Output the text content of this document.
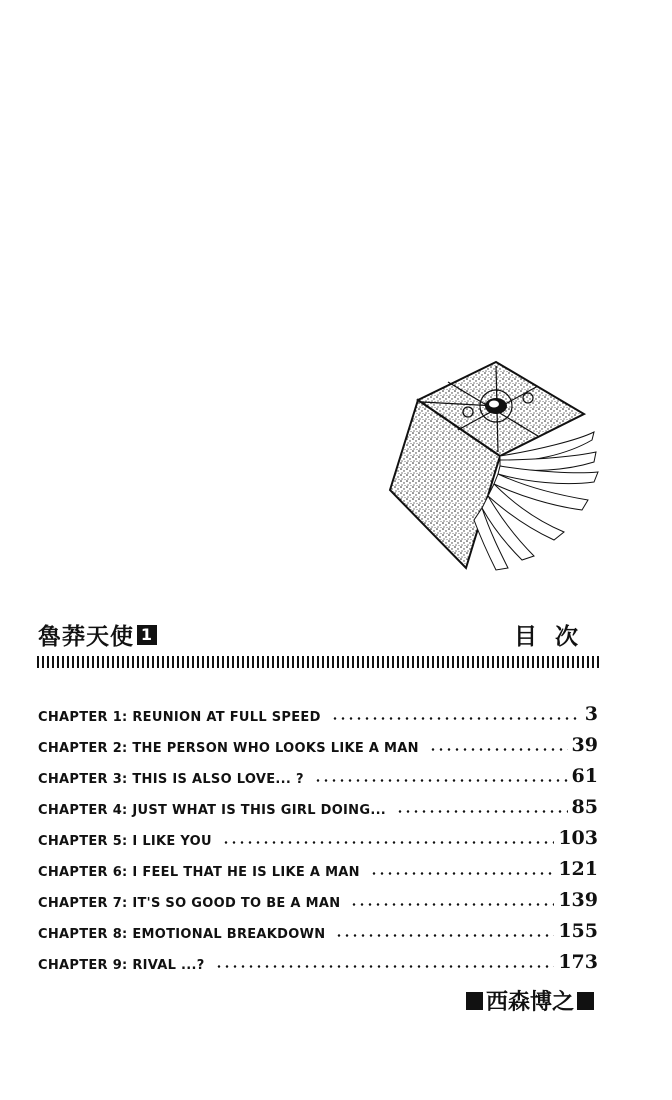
魯莽天使 1	目次
CHAPTER 1: REUNION AT FULL SPEED	3
CHAPTER 2: THE PERSON WHO LOOKS LIKE A MAN	39
CHAPTER 3: THIS IS ALSO LOVE... ?	61
CHAPTER 4: JUST WHAT IS THIS GIRL DOING...	85
CHAPTER 5: I LIKE YOU	103
CHAPTER 6: I FEEL THAT HE IS LIKE A MAN	121
CHAPTER 7: IT'S SO GOOD TO BE A MAN	139
CHAPTER 8: EMOTIONAL BREAKDOWN	155
CHAPTER 9: RIVAL ...?	173
西森博之
